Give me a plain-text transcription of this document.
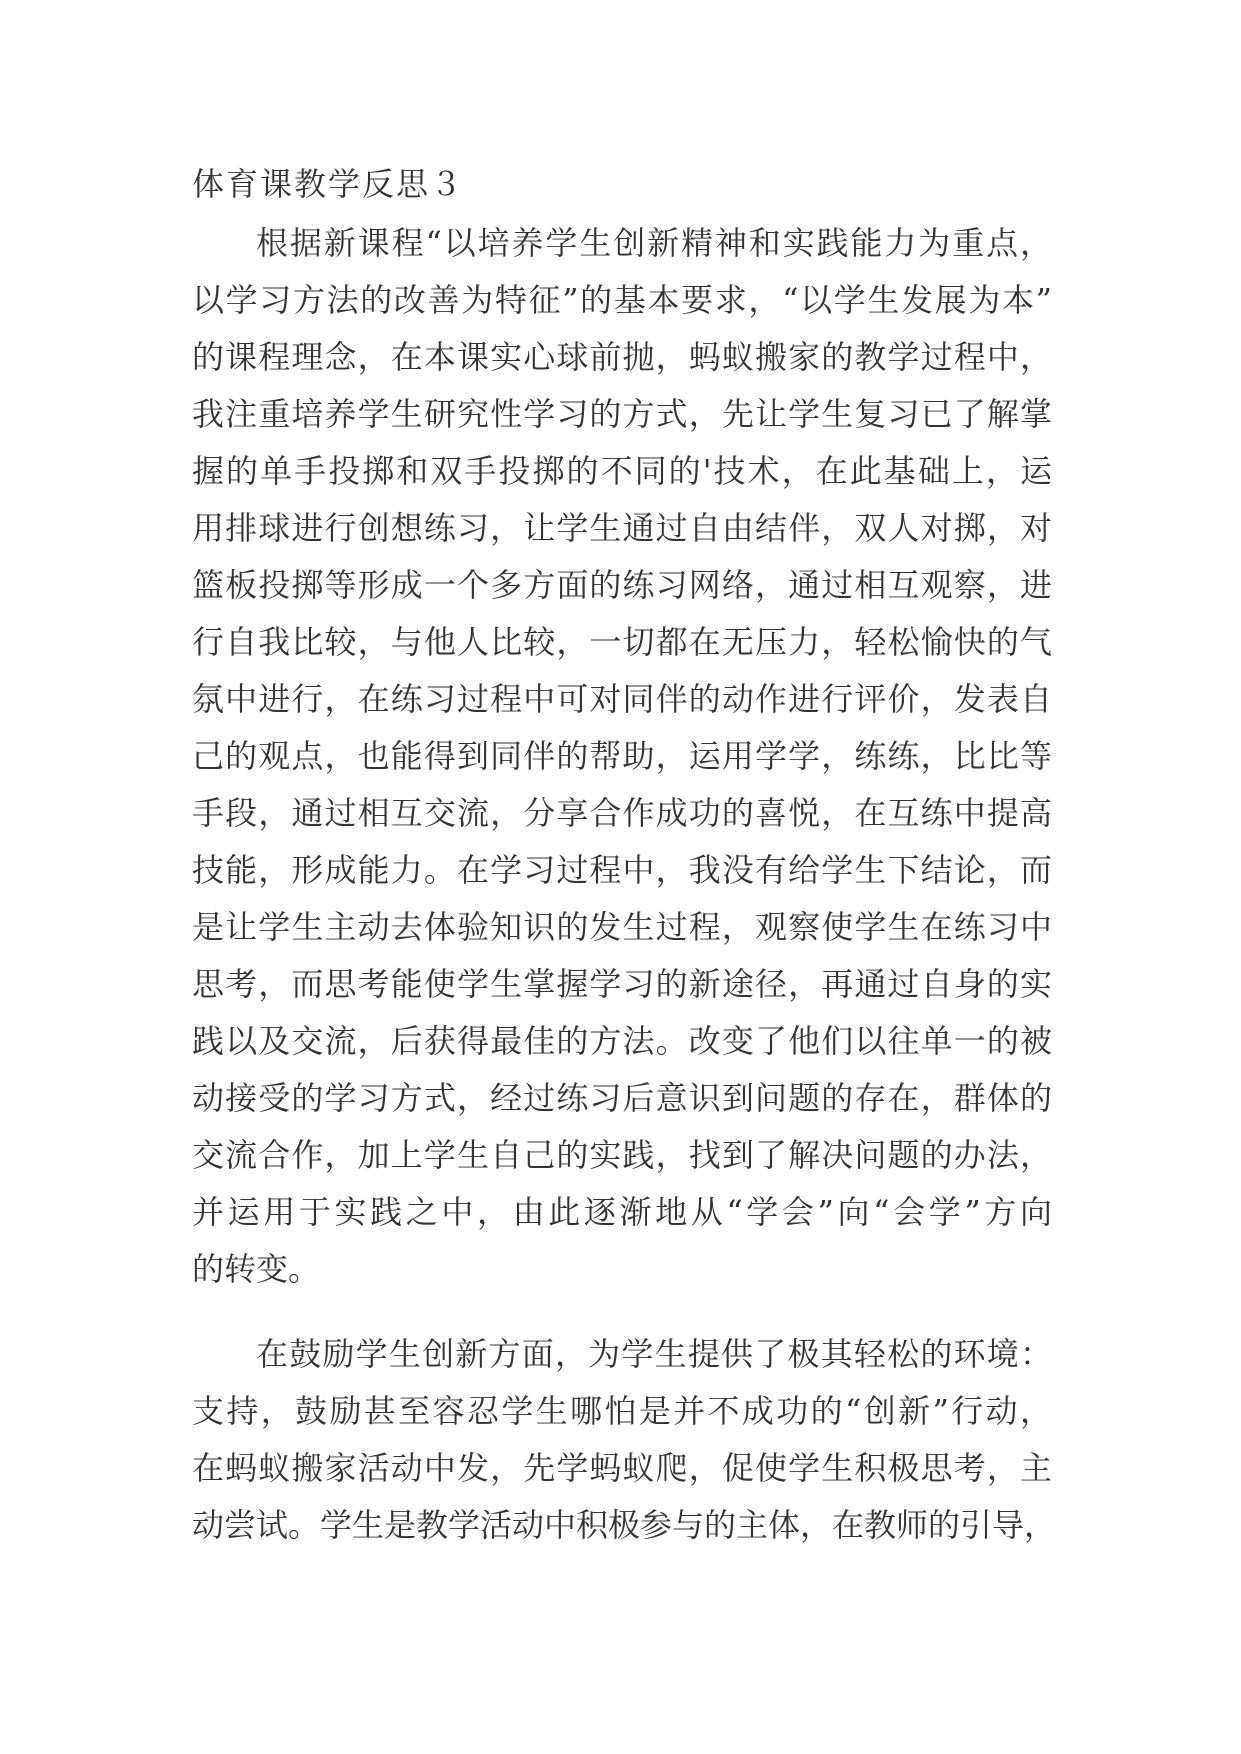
体育课教学反思３
根据新课程“以培养学生创新精神和实践能力为重点，
以学习方法的改善为特征”的基本要求，“以学生发展为本”
的课程理念，在本课实心球前抛，蚂蚁搬家的教学过程中，
我注重培养学生研究性学习的方式，先让学生复习已了解掌
握的单手投掷和双手投掷的不同的'技术，在此基础上，运
用排球进行创想练习，让学生通过自由结伴，双人对掷，对
篮板投掷等形成一个多方面的练习网络，通过相互观察，进
行自我比较，与他人比较，一切都在无压力，轻松愉快的气
氛中进行，在练习过程中可对同伴的动作进行评价，发表自
己的观点，也能得到同伴的帮助，运用学学，练练，比比等
手段，通过相互交流，分享合作成功的喜悦，在互练中提高
技能，形成能力。在学习过程中，我没有给学生下结论，而
是让学生主动去体验知识的发生过程，观察使学生在练习中
思考，而思考能使学生掌握学习的新途径，再通过自身的实
践以及交流，后获得最佳的方法。改变了他们以往单一的被
动接受的学习方式，经过练习后意识到问题的存在，群体的
交流合作，加上学生自己的实践，找到了解决问题的办法，
并运用于实践之中，由此逐渐地从“学会”向“会学”方向
的转变。
在鼓励学生创新方面，为学生提供了极其轻松的环境：
支持，鼓励甚至容忍学生哪怕是并不成功的“创新”行动，
在蚂蚁搬家活动中发，先学蚂蚁爬，促使学生积极思考，主
动尝试。学生是教学活动中积极参与的主体，在教师的引导，
